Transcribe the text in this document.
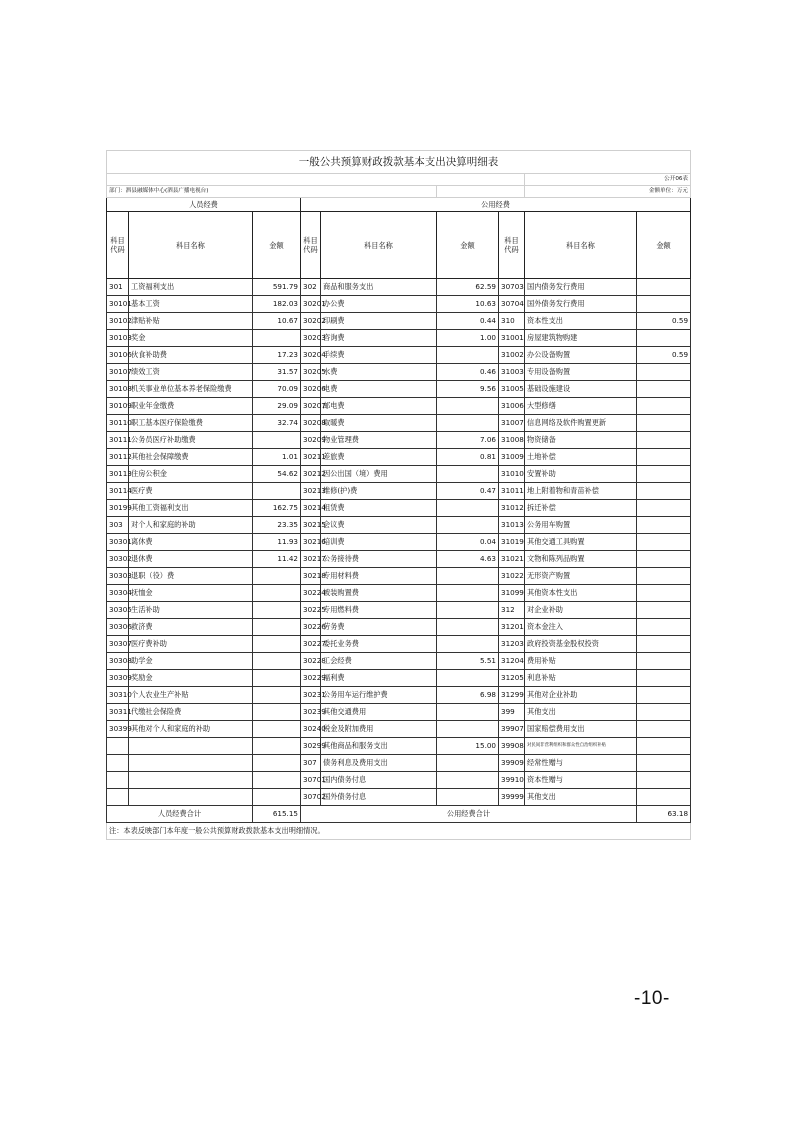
一般公共预算财政拨款基本支出决算明细表								
							公开06表	
部门：泗县融媒体中心(泗县广播电视台)							金额单位：万元	
人员经费			公用经费					
科目代码	科目名称	金额	科目代码	科目名称	金额	科目代码	科目名称	金额
301	工资福利支出	591.79	302	商品和服务支出	62.59	30703	国内债务发行费用	
30101	基本工资	182.03	30201	办公费	10.63	30704	国外债务发行费用	
30102	津贴补贴	10.67	30202	印刷费	0.44	310	资本性支出	0.59
30103	奖金		30203	咨询费	1.00	31001	房屋建筑物购建	
30106	伙食补助费	17.23	30204	手续费		31002	办公设备购置	0.59
30107	绩效工资	31.57	30205	水费	0.46	31003	专用设备购置	
30108	机关事业单位基本养老保险缴费	70.09	30206	电费	9.56	31005	基础设施建设	
30109	职业年金缴费	29.09	30207	邮电费		31006	大型修缮	
30110	职工基本医疗保险缴费	32.74	30208	取暖费		31007	信息网络及软件购置更新	
30111	公务员医疗补助缴费		30209	物业管理费	7.06	31008	物资储备	
30112	其他社会保障缴费	1.01	30211	差旅费	0.81	31009	土地补偿	
30113	住房公积金	54.62	30212	因公出国（境）费用		31010	安置补助	
30114	医疗费		30213	维修(护)费	0.47	31011	地上附着物和青苗补偿	
30199	其他工资福利支出	162.75	30214	租赁费		31012	拆迁补偿	
303	对个人和家庭的补助	23.35	30215	会议费		31013	公务用车购置	
30301	离休费	11.93	30216	培训费	0.04	31019	其他交通工具购置	
30302	退休费	11.42	30217	公务接待费	4.63	31021	文物和陈列品购置	
30303	退职（役）费		30218	专用材料费		31022	无形资产购置	
30304	抚恤金		30224	被装购置费		31099	其他资本性支出	
30305	生活补助		30225	专用燃料费		312	对企业补助	
30306	救济费		30226	劳务费		31201	资本金注入	
30307	医疗费补助		30227	委托业务费		31203	政府投资基金股权投资	
30308	助学金		30228	工会经费	5.51	31204	费用补贴	
30309	奖励金		30229	福利费		31205	利息补贴	
30310	个人农业生产补贴		30231	公务用车运行维护费	6.98	31299	其他对企业补助	
30311	代缴社会保险费		30239	其他交通费用		399	其他支出	
30399	其他对个人和家庭的补助		30240	税金及附加费用		39907	国家赔偿费用支出	
			30299	其他商品和服务支出	15.00	39908	对民间非营利组织和群众性自治组织补贴	
			307	债务利息及费用支出		39909	经常性赠与	
			30701	国内债务付息		39910	资本性赠与	
			30702	国外债务付息		39999	其他支出	
人员经费合计		615.15	公用经费合计					63.18
注：本表反映部门本年度一般公共预算财政拨款基本支出明细情况。								
-10-
